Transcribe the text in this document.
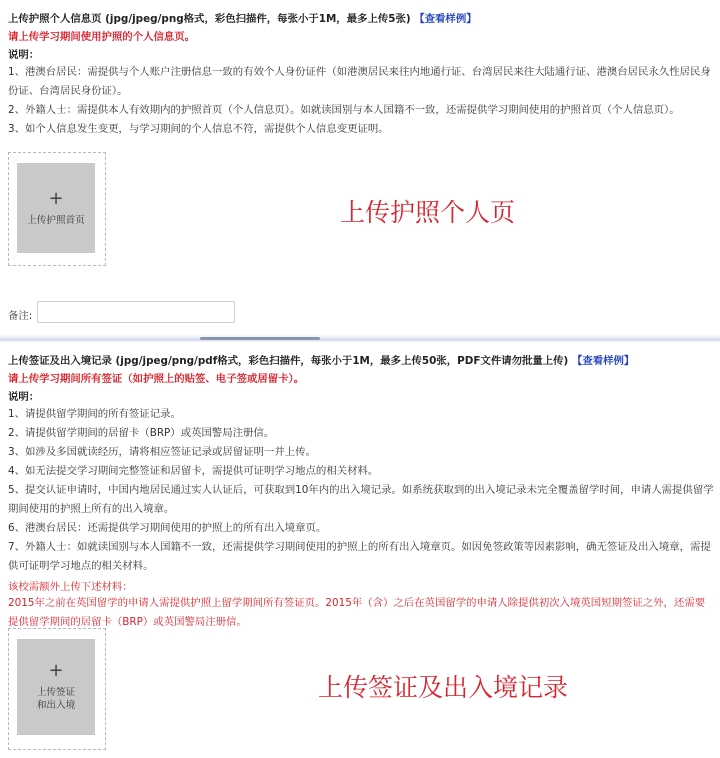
上传护照个人信息页 (jpg/jpeg/png格式，彩色扫描件，每张小于1M，最多上传5张) 【查看样例】
请上传学习期间使用护照的个人信息页。
说明：
1、港澳台居民：需提供与个人账户注册信息一致的有效个人身份证件（如港澳居民来往内地通行证、台湾居民来往大陆通行证、港澳台居民永久性居民身份证、台湾居民身份证）。
2、外籍人士：需提供本人有效期内的护照首页（个人信息页）。如就读国别与本人国籍不一致，还需提供学习期间使用的护照首页（个人信息页）。
3、如个人信息发生变更，与学习期间的个人信息不符，需提供个人信息变更证明。
+
上传护照首页	上传护照个人页
备注:
上传签证及出入境记录 (jpg/jpeg/png/pdf格式，彩色扫描件，每张小于1M，最多上传50张，PDF文件请勿批量上传) 【查看样例】
请上传学习期间所有签证（如护照上的贴签、电子签或居留卡）。
说明：
1、请提供留学期间的所有签证记录。
2、请提供留学期间的居留卡（BRP）或英国警局注册信。
3、如涉及多国就读经历，请将相应签证记录或居留证明一并上传。
4、如无法提交学习期间完整签证和居留卡，需提供可证明学习地点的相关材料。
5、提交认证申请时，中国内地居民通过实人认证后，可获取到10年内的出入境记录。如系统获取到的出入境记录未完全覆盖留学时间，申请人需提供留学期间使用的护照上所有的出入境章。
6、港澳台居民：还需提供学习期间使用的护照上的所有出入境章页。
7、外籍人士：如就读国别与本人国籍不一致，还需提供学习期间使用的护照上的所有出入境章页。如因免签政策等因素影响，确无签证及出入境章，需提供可证明学习地点的相关材料。
该校需额外上传下述材料：
2015年之前在英国留学的申请人需提供护照上留学期间所有签证页。2015年（含）之后在英国留学的申请人除提供初次入境英国短期签证之外，还需要提供留学期间的居留卡（BRP）或英国警局注册信。
+
上传签证
和出入境
上传签证及出入境记录
